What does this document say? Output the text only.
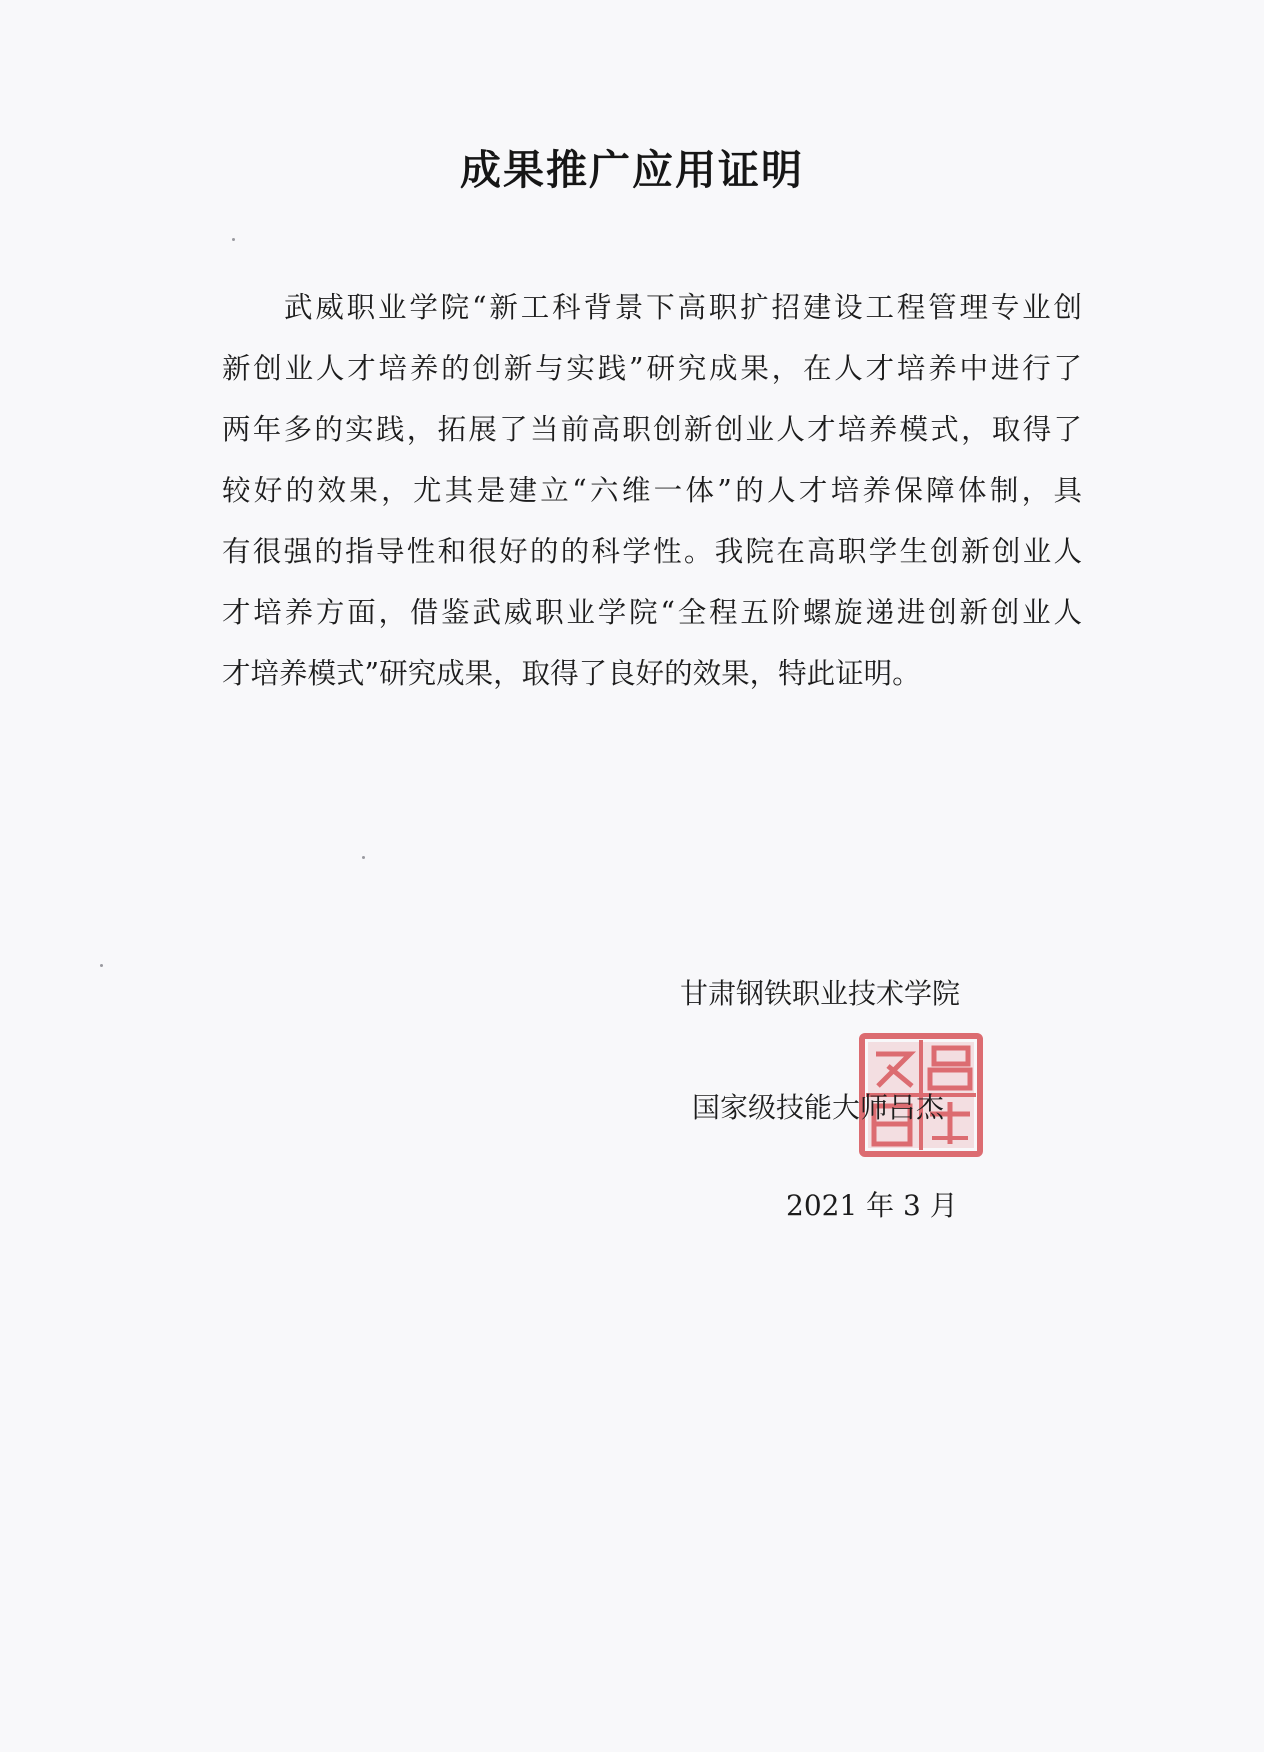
成果推广应用证明
武威职业学院“新工科背景下高职扩招建设工程管理专业创
新创业人才培养的创新与实践”研究成果，在人才培养中进行了
两年多的实践，拓展了当前高职创新创业人才培养模式，取得了
较好的效果，尤其是建立“六维一体”的人才培养保障体制，具
有很强的指导性和很好的的科学性。我院在高职学生创新创业人
才培养方面，借鉴武威职业学院“全程五阶螺旋递进创新创业人
才培养模式”研究成果，取得了良好的效果，特此证明。
甘肃钢铁职业技术学院
国家级技能大师吕杰
2021 年 3 月
